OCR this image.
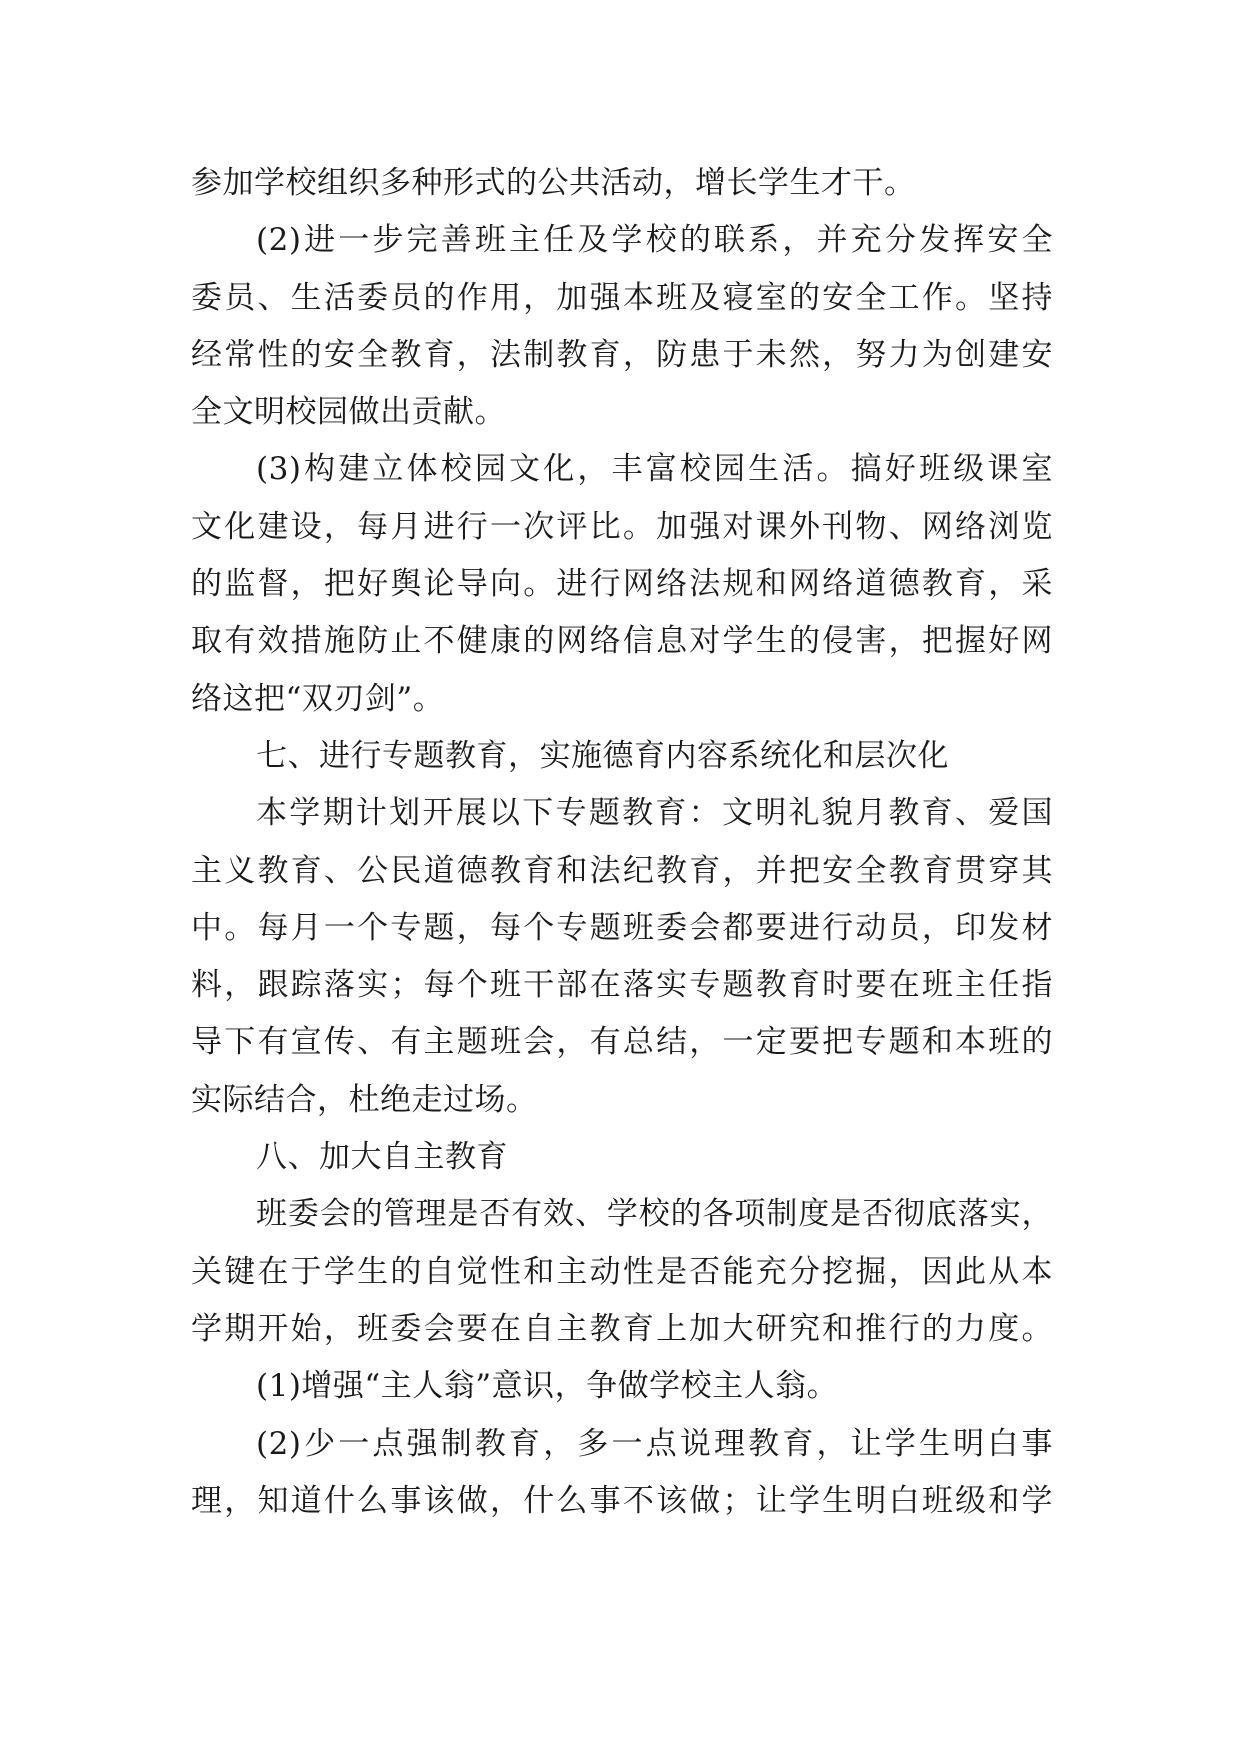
参加学校组织多种形式的公共活动，增长学生才干。
(2)进一步完善班主任及学校的联系，并充分发挥安全
委员、生活委员的作用，加强本班及寝室的安全工作。坚持
经常性的安全教育，法制教育，防患于未然，努力为创建安
全文明校园做出贡献。
(3)构建立体校园文化，丰富校园生活。搞好班级课室
文化建设，每月进行一次评比。加强对课外刊物、网络浏览
的监督，把好舆论导向。进行网络法规和网络道德教育，采
取有效措施防止不健康的网络信息对学生的侵害，把握好网
络这把“双刃剑”。
七、进行专题教育，实施德育内容系统化和层次化
本学期计划开展以下专题教育：文明礼貌月教育、爱国
主义教育、公民道德教育和法纪教育，并把安全教育贯穿其
中。每月一个专题，每个专题班委会都要进行动员，印发材
料，跟踪落实；每个班干部在落实专题教育时要在班主任指
导下有宣传、有主题班会，有总结，一定要把专题和本班的
实际结合，杜绝走过场。
八、加大自主教育
班委会的管理是否有效、学校的各项制度是否彻底落实，
关键在于学生的自觉性和主动性是否能充分挖掘，因此从本
学期开始，班委会要在自主教育上加大研究和推行的力度。
(1)增强“主人翁”意识，争做学校主人翁。
(2)少一点强制教育，多一点说理教育，让学生明白事
理，知道什么事该做，什么事不该做；让学生明白班级和学
